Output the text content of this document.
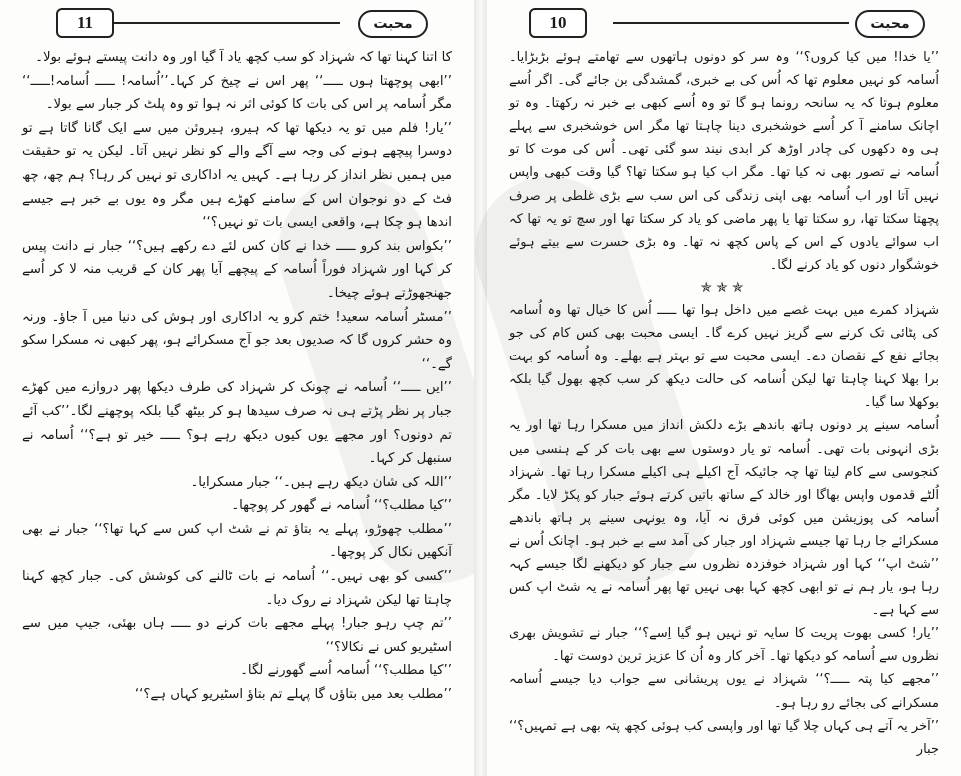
11	محبت

کا اتنا کہنا تھا کہ شہزاد کو سب کچھ یاد آ گیا اور وہ دانت پیستے ہوئے بولا۔

’’ابھی پوچھتا ہوں ـــــ‘‘ پھر اس نے چیخ کر کہا۔’’اُسامہ! ـــــ اُسامہ!ـــــ‘‘ مگر اُسامہ پر اس کی بات کا کوئی اثر نہ ہوا تو وہ پلٹ کر جبار سے بولا۔

’’یار! فلم میں تو یہ دیکھا تھا کہ ہیرو، ہیروئن میں سے ایک گانا گاتا ہے تو دوسرا پیچھے ہونے کی وجہ سے آگے والے کو نظر نہیں آتا۔ لیکن یہ تو حقیقت میں ہمیں نظر انداز کر رہا ہے۔ کہیں یہ اداکاری تو نہیں کر رہا؟ ہم چھ، چھ فٹ کے دو نوجوان اس کے سامنے کھڑے ہیں مگر وہ یوں بے خبر ہے جیسے اندھا ہو چکا ہے، واقعی ایسی بات تو نہیں؟‘‘

’’بکواس بند کرو ـــــ خدا نے کان کس لئے دے رکھے ہیں؟‘‘ جبار نے دانت پیس کر کہا اور شہزاد فوراً اُسامہ کے پیچھے آیا پھر کان کے قریب منہ لا کر اُسے جھنجھوڑتے ہوئے چیخا۔

’’مسٹر اُسامہ سعید! ختم کرو یہ اداکاری اور ہوش کی دنیا میں آ جاؤ۔ ورنہ وہ حشر کروں گا کہ صدیوں بعد جو آج مسکرائے ہو، پھر کبھی نہ مسکرا سکو گے۔‘‘

’’ایں ـــــ‘‘ اُسامہ نے چونک کر شہزاد کی طرف دیکھا پھر دروازے میں کھڑے جبار پر نظر پڑتے ہی نہ صرف سیدھا ہو کر بیٹھ گیا بلکہ پوچھنے لگا۔’’کب آئے تم دونوں؟ اور مجھے یوں کیوں دیکھ رہے ہو؟ ـــــ خیر تو ہے؟‘‘ اُسامہ نے سنبھل کر کہا۔

’’اللہ کی شان دیکھ رہے ہیں۔‘‘ جبار مسکرایا۔

’’کیا مطلب؟‘‘ اُسامہ نے گھور کر پوچھا۔

’’مطلب چھوڑو، پہلے یہ بتاؤ تم نے شٹ اپ کس سے کہا تھا؟‘‘ جبار نے بھی آنکھیں نکال کر پوچھا۔

’’کسی کو بھی نہیں۔‘‘ اُسامہ نے بات ٹالنے کی کوشش کی۔ جبار کچھ کہنا چاہتا تھا لیکن شہزاد نے روک دیا۔

’’تم چپ رہو جبار! پہلے مجھے بات کرنے دو ـــــ ہاں بھئی، جیپ میں سے اسٹیریو کس نے نکالا؟‘‘

’’کیا مطلب؟‘‘ اُسامہ اُسے گھورنے لگا۔

’’مطلب بعد میں بتاؤں گا پہلے تم بتاؤ اسٹیریو کہاں ہے؟‘‘

10	محبت

’’یا خدا! میں کیا کروں؟‘‘ وہ سر کو دونوں ہاتھوں سے تھامتے ہوئے بڑبڑایا۔ اُسامہ کو نہیں معلوم تھا کہ اُس کی بے خبری، گمشدگی بن جائے گی۔ اگر اُسے معلوم ہوتا کہ یہ سانحہ رونما ہو گا تو وہ اُسے کبھی بے خبر نہ رکھتا۔ وہ تو اچانک سامنے آ کر اُسے خوشخبری دینا چاہتا تھا مگر اس خوشخبری سے پہلے ہی وہ دکھوں کی چادر اوڑھ کر ابدی نیند سو گئی تھی۔ اُس کی موت کا تو اُسامہ نے تصور بھی نہ کیا تھا۔ مگر اب کیا ہو سکتا تھا؟ گیا وقت کبھی واپس نہیں آتا اور اب اُسامہ بھی اپنی زندگی کی اس سب سے بڑی غلطی پر صرف پچھتا سکتا تھا، رو سکتا تھا یا پھر ماضی کو یاد کر سکتا تھا اور سچ تو یہ تھا کہ اب سوائے یادوں کے اس کے پاس کچھ نہ تھا۔ وہ بڑی حسرت سے بیتے ہوئے خوشگوار دنوں کو یاد کرنے لگا۔

✯✯✯

شہزاد کمرے میں بہت غصے میں داخل ہوا تھا ـــــ اُس کا خیال تھا وہ اُسامہ کی پٹائی تک کرنے سے گریز نہیں کرے گا۔ ایسی محبت بھی کس کام کی جو بجائے نفع کے نقصان دے۔ ایسی محبت سے تو بہتر ہے بھلے۔ وہ اُسامہ کو بہت برا بھلا کہنا چاہتا تھا لیکن اُسامہ کی حالت دیکھ کر سب کچھ بھول گیا بلکہ بوکھلا سا گیا۔

اُسامہ سینے پر دونوں ہاتھ باندھے بڑے دلکش انداز میں مسکرا رہا تھا اور یہ بڑی انہونی بات تھی۔ اُسامہ تو یار دوستوں سے بھی بات کر کے ہنسی میں کنجوسی سے کام لیتا تھا چہ جائیکہ آج اکیلے ہی اکیلے مسکرا رہا تھا۔ شہزاد اُلٹے قدموں واپس بھاگا اور خالد کے ساتھ باتیں کرتے ہوئے جبار کو پکڑ لایا۔ مگر اُسامہ کی پوزیشن میں کوئی فرق نہ آیا، وہ یونہی سینے پر ہاتھ باندھے مسکرائے جا رہا تھا جیسے شہزاد اور جبار کی آمد سے بے خبر ہو۔ اچانک اُس نے ’’شٹ اپ‘‘ کہا اور شہزاد خوفزدہ نظروں سے جبار کو دیکھنے لگا جیسے کہہ رہا ہو، یار ہم نے تو ابھی کچھ کہا بھی نہیں تھا پھر اُسامہ نے یہ شٹ اپ کس سے کہا ہے۔

’’یار! کسی بھوت پریت کا سایہ تو نہیں ہو گیا اِسے؟‘‘ جبار نے تشویش بھری نظروں سے اُسامہ کو دیکھا تھا۔ آخر کار وہ اُن کا عزیز ترین دوست تھا۔

’’مجھے کیا پتہ ـــــ؟‘‘ شہزاد نے یوں پریشانی سے جواب دیا جیسے اُسامہ مسکرانے کی بجائے رو رہا ہو۔

’’آخر یہ آتے ہی کہاں چلا گیا تھا اور واپسی کب ہوئی کچھ پتہ بھی ہے تمہیں؟‘‘ جبار
